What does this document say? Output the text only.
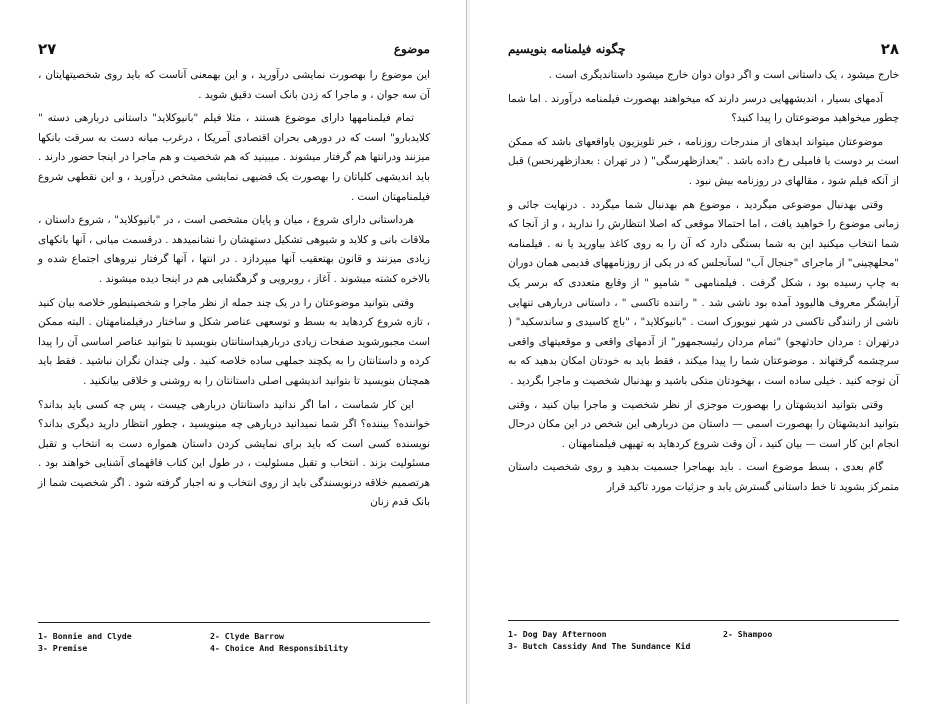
۲۷	موضوع

این موضوع را بهصورت نمایشی درآورید ، و این بهمعنی آناست که باید روی شخصیتهایتان ، آن سه جوان ، و ماجرا که زدن بانک است دقیق شوید .

تمام فیلمنامهها دارای موضوع هستند ، مثلا فیلم "بانیوکلاید" داستانی دربارهی دسته " کلایدبارو" است که در دورهی بحران اقتصادی آمریکا ، درغرب میانه دست به سرقت بانکها میزنند ودرانتها هم گرفتار میشوند . میبینید که هم شخصیت و هم ماجرا در اینجا حضور دارند . باید اندیشهی کلیاتان را بهصورت یک قضیهی نمایشی مشخص درآورید ، و این نقطهی شروع فیلمنامهتان است .

هرداستانی دارای شروع ، میان و پایان مشخصی است ، در "بانیوکلاید" ، شروع داستان ، ملاقات بانی و کلاید و شیوهی تشکیل دستهشان را نشانمیدهد . درقسمت میانی ، آنها بانکهای زیادی میزنند و قانون بهتعقیب آنها میپردازد . در انتها ، آنها گرفتار نیروهای اجتماع شده و بالاخره کشته میشوند . آغاز ، روبرویی و گرهگشایی هم در اینجا دیده میشوند .

وقتی بتوانید موضوعتان را در یک چند جمله از نظر ماجرا و شخصیتبطور خلاصه بیان کنید ، تازه شروع کردهاید به بسط و توسعهی عناصر شکل و ساختار درفیلمنامهتان . البته ممکن است مجبورشوید صفحات زیادی دربارهیداستانتان بنویسید تا بتوانید عناصر اساسی آن را پیدا کرده و داستانتان را به یکچند جملهی ساده خلاصه کنید . ولی چندان نگران نباشید . فقط باید همچنان بنویسید تا بتوانید اندیشهی اصلی داستانتان را به روشنی و خلاقی بیانکنید .

این کار شماست ، اما اگر ندانید داستانتان دربارهی چیست ، پس چه کسی باید بداند؟ خواننده؟ بیننده؟ اگر شما نمیدانید دربارهی چه مینویسید ، چطور انتظار دارید دیگری بداند؟ نویسنده کسی است که باید برای نمایشی کردن داستان همواره دست به انتخاب و تقبل مسئولیت بزند . انتخاب و تقبل مسئولیت ، در طول این کتاب فاقهمای آشنایی خواهند بود . هرتصمیم خلاقه درنویسندگی باید از روی انتخاب و نه اجبار گرفته شود . اگر شخصیت شما از بانک قدم زنان

1- Bonnie and Clyde	2- Clyde Barrow
3- Premise	4- Choice And Responsibility
چگونه فیلمنامه بنویسیم	۲۸

خارج میشود ، یک داستانی است و اگر دوان دوان خارج میشود داستاندیگری است .

آدمهای بسیار ، اندیشههایی درسر دارند که میخواهند بهصورت فیلمنامه درآورند . اما شما چطور میخواهید موضوعتان را پیدا کنید؟

موضوعتان میتواند ایدهای از مندرجات روزنامه ، خبر تلویزیون یاواقعهای باشد که ممکن است بر دوست یا فامیلی رخ داده باشد . "بعدازظهرسگی" ( در تهران : بعدازظهرنحس) قبل از آنکه فیلم شود ، مقالهای در روزنامه بیش نبود .

وقتی بهدنبال موضوعی میگردید ، موضوع هم بهدنبال شما میگردد . درنهایت جائی و زمانی موضوع را خواهید یافت ، اما احتمالا موقعی که اصلا انتظارش را ندارید ، و از آنجا که شما انتخاب میکنید این به شما بستگی دارد که آن را به روی کاغذ بیاورید یا نه . فیلمنامه "محلهچینی" از ماجرای "جنجال آب" لسآنجلس که در یکی از روزنامههای قدیمی همان دوران به چاپ رسیده بود ، شکل گرفت . فیلمنامهی " شامپو " از وقایع متعددی که برسر یک آرایشگر معروف هالیوود آمده بود ناشی شد . " راننده تاکسی " ، داستانی دربارهی تنهایی ناشی از رانندگی تاکسی در شهر نیویورک است . "بانیوکلاید" ، "باچ کاسیدی و ساندسکید" ( درتهران : مردان حادثهجو) "تمام مردان رئیسجمهور" از آدمهای واقعی و موقعیتهای واقعی سرچشمه گرفتهاند . موضوعتان شما را پیدا میکند ، فقط باید به خودتان امکان بدهید که به آن توجه کنید . خیلی ساده است ، بهخودتان متکی باشید و بهدنبال شخصیت و ماجرا بگردید .

وقتی بتوانید اندیشهتان را بهصورت موجزی از نظر شخصیت و ماجرا بیان کنید ، وقتی بتوانید اندیشهتان را بهصورت اسمی — داستان من دربارهی این شخص در این مکان درحال انجام این کار است — بیان کنید ، آن وقت شروع کردهاید به تهیهی فیلمنامهتان .

گام بعدی ، بسط موضوع است . باید بهماجرا جسمیت بدهید و روی شخصیت داستان متمرکز بشوید تا خط داستانی گسترش یابد و جزئیات مورد تاکید قرار

1- Dog Day Afternoon	2- Shampoo
3- Butch Cassidy And The Sundance Kid
